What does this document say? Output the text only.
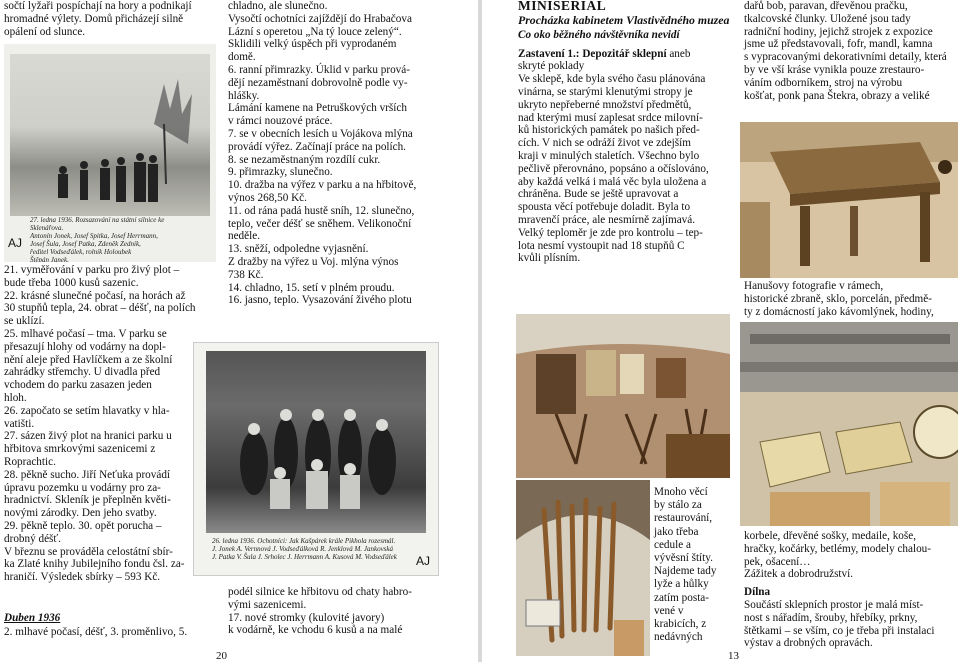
sočtí lyžaři pospíchají na hory a podnikají
hromadné výlety. Domů přicházejí silně
opálení od slunce.
27. ledna 1936. Rozsazování na státní silnice ke
Sklenářova.
Antonín Jonek, Josef Spitka, Josef Herrmann,
Josef Šula, Josef Patka, Zdeněk Zedník,
ředitel Vodseďálek, rolník Holoubek
Štěpán Janek.
AJ
21. vyměřování v parku pro živý plot –
bude třeba 1000 kusů sazenic.
22. krásné slunečné počasí, na horách až
30 stupňů tepla, 24. obrat – déšť, na polích
se uklízí.
25. mlhavé počasí – tma. V parku se
přesazují hlohy od vodárny na dopl-
nění aleje před Havlíčkem a ze školní
zahrádky střemchy. U divadla před
vchodem do parku zasazen jeden
hloh.
26. započato se setím hlavatky v hla-
vatišti.
27. sázen živý plot na hranici parku u
hřbitova smrkovými sazenicemi z
Roprachtic.
28. pěkně sucho. Jiří Neťuka provádí
úpravu pozemku u vodárny pro za-
hradnictví. Skleník je přeplněn květi-
novými zárodky. Den jeho svatby.
29. pěkně teplo. 30. opět porucha –
drobný déšť.
V březnu se prováděla celostátní sbír-
ka Zlaté knihy Jubilejního fondu čsl. za-
hraničí. Výsledek sbírky – 593 Kč.
Duben 1936
2. mlhavé počasí, déšť, 3. proměnlivo, 5.
chladno, ale slunečno.
Vysočtí ochotníci zajíždějí do Hrabačova
Lázní s operetou „Na tý louce zelený“.
Sklidili velký úspěch při vyprodaném
domě.
6. ranní přimrazky. Úklid v parku prová-
dějí nezaměstnaní dobrovolně podle vy-
hlášky.
Lámání kamene na Petruškových vrších
v rámci nouzové práce.
7. se v obecních lesích u Vojákova mlýna
provádí výřez. Začínají práce na polích.
8. se nezaměstnaným rozdílí cukr.
9. přimrazky, slunečno.
10. dražba na výřez v parku a na hřbitově,
výnos 268,50 Kč.
11. od rána padá hustě sníh, 12. slunečno,
teplo, večer déšť se sněhem. Velikonoční
neděle.
13. sněží, odpoledne vyjasnění.
Z dražby na výřez u Voj. mlýna výnos
738 Kč.
14. chladno, 15. setí v plném proudu.
16. jasno, teplo. Vysazování živého plotu
26. ledna 1936. Ochotníci: Jak Kašpárek krále Pikhola rozesmál.
J. Jonek A. Vernnová J. Vodseďálková R. Jenklová M. Jankovská
J. Patka V. Šula J. Srholec J. Herrmann A. Kusová M. Vodseďálek	AJ
podél silnice ke hřbitovu od chaty habro-
vými sazenicemi.
17. nové stromky (kulovité javory)
k vodárně, ke vchodu 6 kusů a na malé
20
MINISERIÁL
Procházka kabinetem Vlastivědného muzea
Co oko běžného návštěvníka nevidí
Zastavení 1.: Depozitář sklepní aneb
skryté poklady
Ve sklepě, kde byla svého času plánována
vinárna, se starými klenutými stropy je
ukryto nepřeberné množství předmětů,
nad kterými musí zaplesat srdce milovní-
ků historických památek po našich před-
cích. V nich se odráží život ve zdejším
kraji v minulých staletích. Všechno bylo
pečlivě přerovnáno, popsáno a očíslováno,
aby každá velká i malá věc byla uložena a
chráněna. Bude se ještě upravovat a
spousta věcí potřebuje doladit. Byla to
mravenčí práce, ale nesmírně zajímavá.
Velký teploměr je zde pro kontrolu – tep-
lota nesmí vystoupit nad 18 stupňů C
kvůli plísním.
dařů bob, paravan, dřevěnou pračku,
tkalcovské člunky. Uložené jsou tady
radniční hodiny, jejichž strojek z expozice
jsme už představovali, fofr, mandl, kamna
s vypracovanými dekorativními detaily, která
by ve vší kráse vynikla pouze zrestauro-
váním odborníkem, stroj na výrobu
košťat, ponk pana Štekra, obrazy a veliké
Hanušovy fotografie v rámech,
historické zbraně, sklo, porcelán, předmě-
ty z domácností jako kávomlýnek, hodiny,
Mnoho věcí
by stálo za
restaurování,
jako třeba
cedule a
vývěsní štíty.
Najdeme tady
lyže a hůlky
zatím posta-
vené v
krabicích, z
nedávných
korbele, dřevěné sošky, medaile, koše,
hračky, kočárky, betlémy, modely chalou-
pek, ošacení…
Zážitek a dobrodružství.
Dílna
Součástí sklepních prostor je malá míst-
nost s nářadím, šrouby, hřebíky, prkny,
štětkami – se vším, co je třeba při instalaci
výstav a drobných opravách.
13
